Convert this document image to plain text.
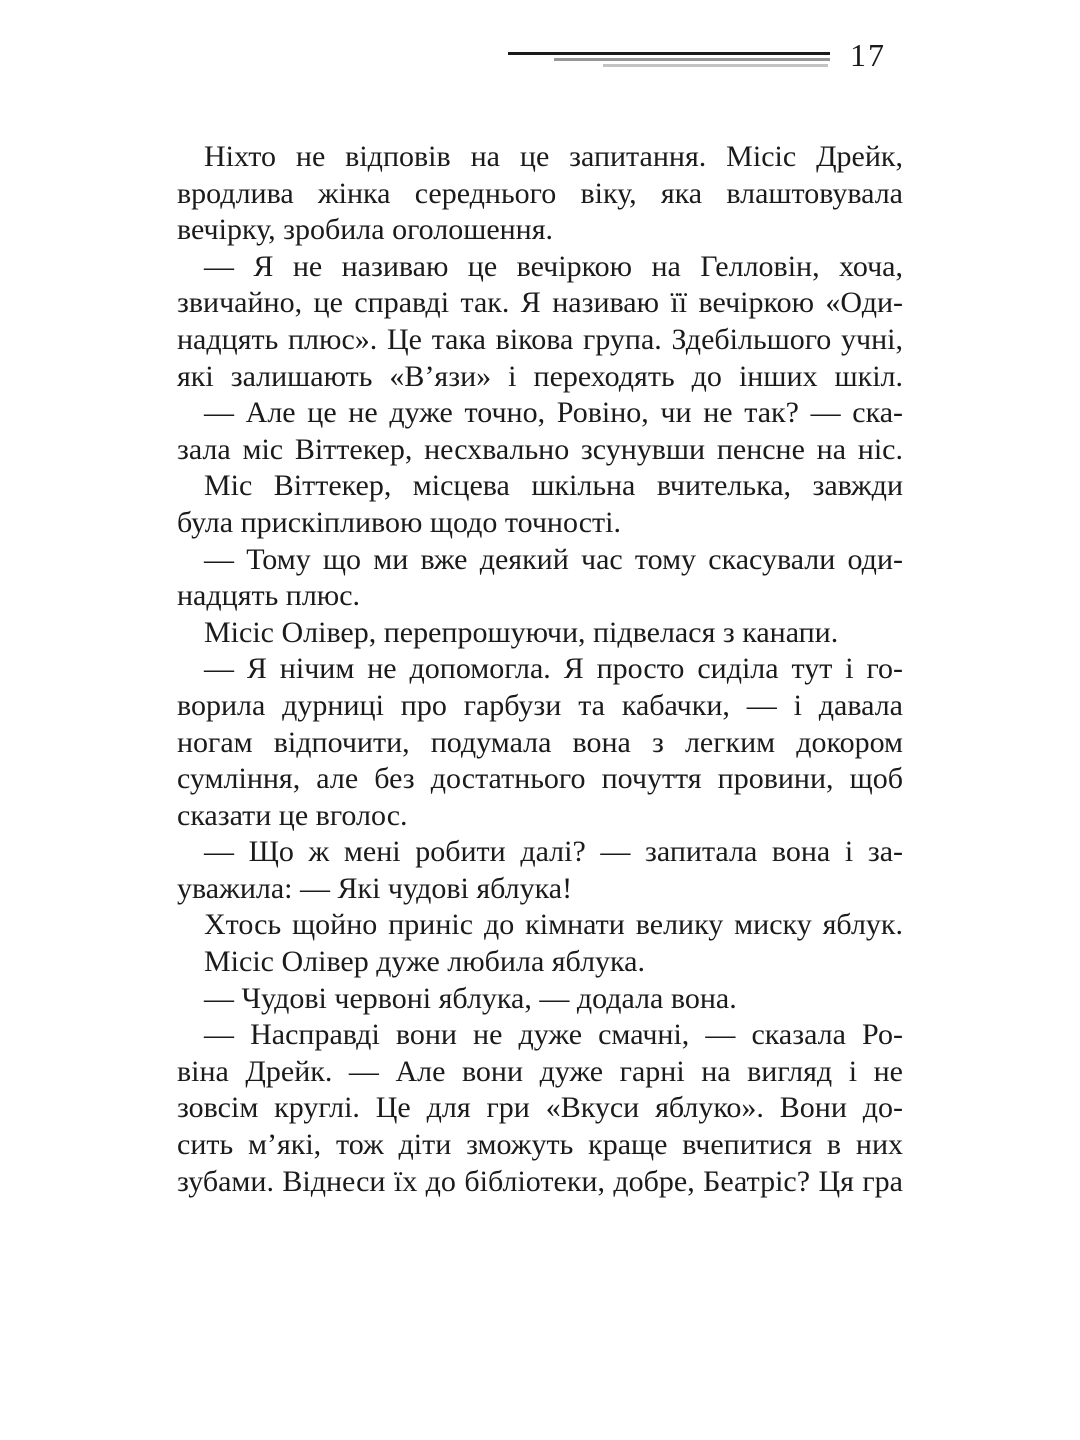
17
Ніхто не відповів на це запитання. Місіс Дрейк,
вродлива жінка середнього віку, яка влаштовувала
вечірку, зробила оголошення.
— Я не називаю це вечіркою на Гелловін, хоча,
звичайно, це справді так. Я називаю її вечіркою «Оди-
надцять плюс». Це така вікова група. Здебільшого учні,
які залишають «В’язи» і переходять до інших шкіл.
— Але це не дуже точно, Ровіно, чи не так? — ска-
зала міс Віттекер, несхвально зсунувши пенсне на ніс.
Міс Віттекер, місцева шкільна вчителька, завжди
була прискіпливою щодо точності.
— Тому що ми вже деякий час тому скасували оди-
надцять плюс.
Місіс Олівер, перепрошуючи, підвелася з канапи.
— Я нічим не допомогла. Я просто сиділа тут і го-
ворила дурниці про гарбузи та кабачки, — і давала
ногам відпочити, подумала вона з легким докором
сумління, але без достатнього почуття провини, щоб
сказати це вголос.
— Що ж мені робити далі? — запитала вона і за-
уважила: — Які чудові яблука!
Хтось щойно приніс до кімнати велику миску яблук.
Місіс Олівер дуже любила яблука.
— Чудові червоні яблука, — додала вона.
— Насправді вони не дуже смачні, — сказала Ро-
віна Дрейк. — Але вони дуже гарні на вигляд і не
зовсім круглі. Це для гри «Вкуси яблуко». Вони до-
сить м’які, тож діти зможуть краще вчепитися в них
зубами. Віднеси їх до бібліотеки, добре, Беатріс? Ця гра
